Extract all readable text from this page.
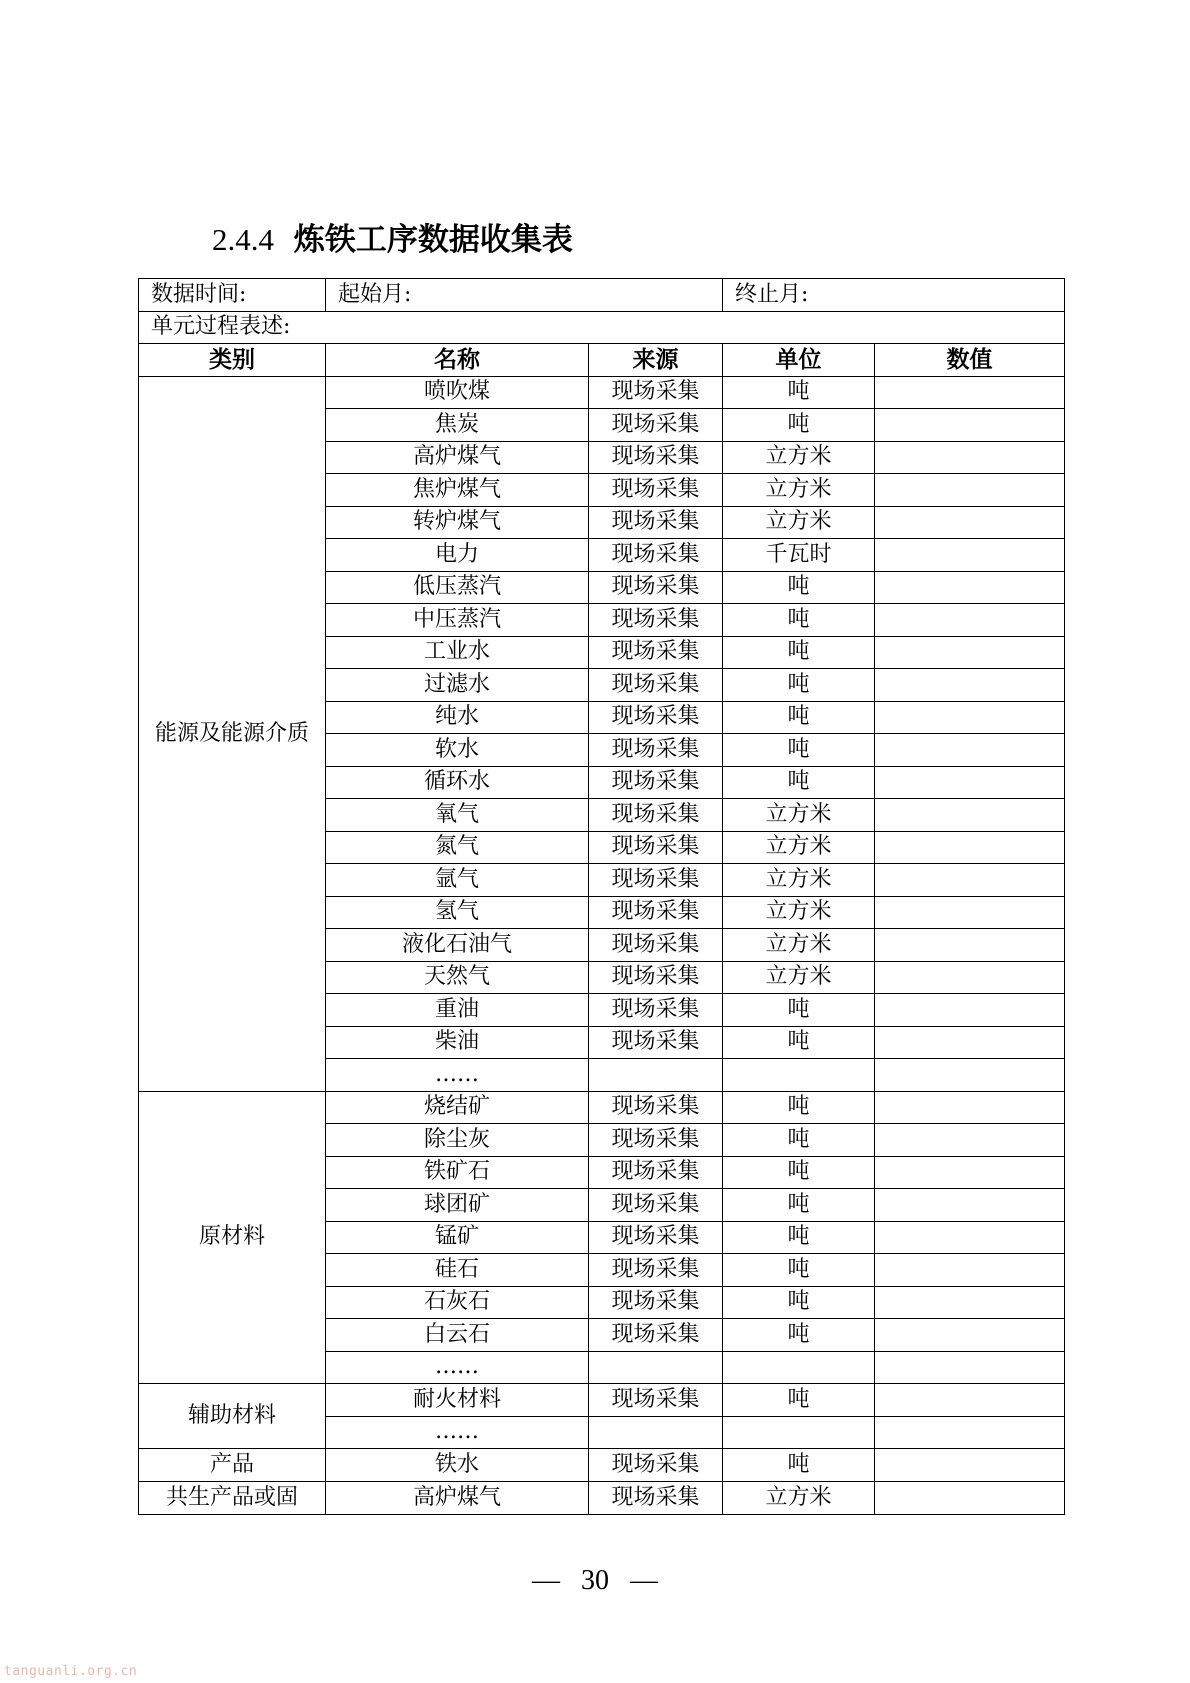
2.4.4 炼铁工序数据收集表
数据时间:	起始月:		终止月:	
单元过程表述:				
类别	名称	来源	单位	数值
能源及能源介质	喷吹煤	现场采集	吨	
	焦炭	现场采集	吨	
	高炉煤气	现场采集	立方米	
	焦炉煤气	现场采集	立方米	
	转炉煤气	现场采集	立方米	
	电力	现场采集	千瓦时	
	低压蒸汽	现场采集	吨	
	中压蒸汽	现场采集	吨	
	工业水	现场采集	吨	
	过滤水	现场采集	吨	
	纯水	现场采集	吨	
	软水	现场采集	吨	
	循环水	现场采集	吨	
	氧气	现场采集	立方米	
	氮气	现场采集	立方米	
	氩气	现场采集	立方米	
	氢气	现场采集	立方米	
	液化石油气	现场采集	立方米	
	天然气	现场采集	立方米	
	重油	现场采集	吨	
	柴油	现场采集	吨	
	……			
原材料	烧结矿	现场采集	吨	
	除尘灰	现场采集	吨	
	铁矿石	现场采集	吨	
	球团矿	现场采集	吨	
	锰矿	现场采集	吨	
	硅石	现场采集	吨	
	石灰石	现场采集	吨	
	白云石	现场采集	吨	
	……			
辅助材料	耐火材料	现场采集	吨	
	……			
产品	铁水	现场采集	吨	
共生产品或固	高炉煤气	现场采集	立方米	
— 30 —
tanguanli.org.cn
